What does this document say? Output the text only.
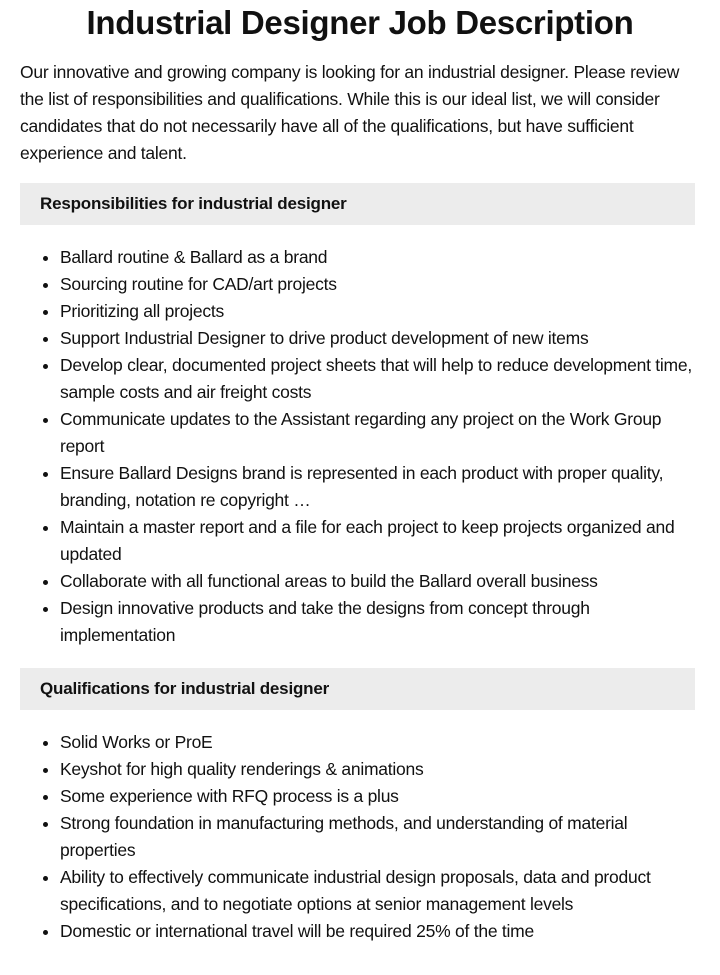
Industrial Designer Job Description

Our innovative and growing company is looking for an industrial designer. Please review the list of responsibilities and qualifications. While this is our ideal list, we will consider candidates that do not necessarily have all of the qualifications, but have sufficient experience and talent.

Responsibilities for industrial designer
• Ballard routine & Ballard as a brand
• Sourcing routine for CAD/art projects
• Prioritizing all projects
• Support Industrial Designer to drive product development of new items
• Develop clear, documented project sheets that will help to reduce development time, sample costs and air freight costs
• Communicate updates to the Assistant regarding any project on the Work Group report
• Ensure Ballard Designs brand is represented in each product with proper quality, branding, notation re copyright …
• Maintain a master report and a file for each project to keep projects organized and updated
• Collaborate with all functional areas to build the Ballard overall business
• Design innovative products and take the designs from concept through implementation
Qualifications for industrial designer
• Solid Works or ProE
• Keyshot for high quality renderings & animations
• Some experience with RFQ process is a plus
• Strong foundation in manufacturing methods, and understanding of material properties
• Ability to effectively communicate industrial design proposals, data and product specifications, and to negotiate options at senior management levels
• Domestic or international travel will be required 25% of the time
